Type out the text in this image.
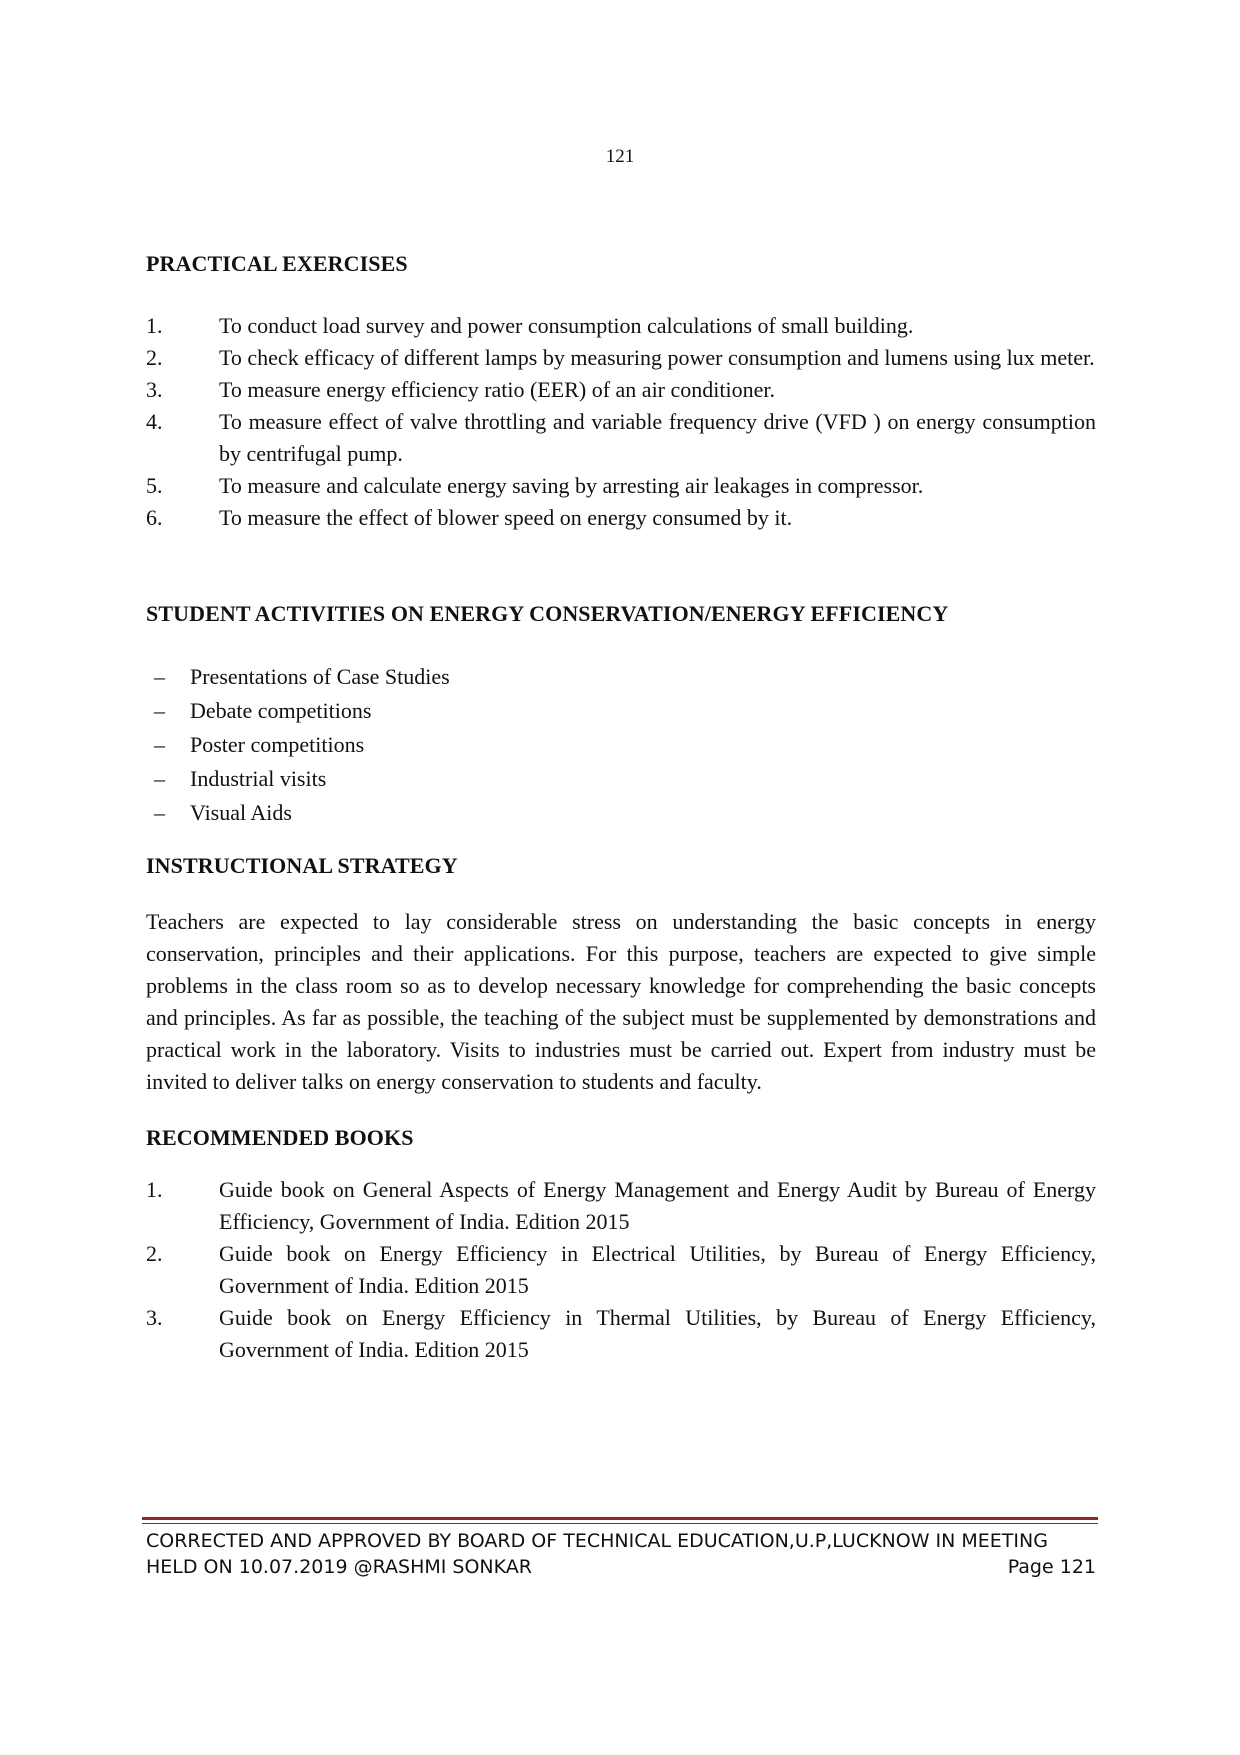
121
PRACTICAL EXERCISES
1.	To conduct load survey and power consumption calculations of small building.
2.	To check efficacy of different lamps by measuring power consumption and lumens using lux meter.
3.	To measure energy efficiency ratio (EER) of an air conditioner.
4.	To measure effect of valve throttling and variable frequency drive (VFD ) on energy consumption by centrifugal pump.
5.	To measure and calculate energy saving by arresting air leakages in compressor.
6.	To measure the effect of blower speed on energy consumed by it.
STUDENT ACTIVITIES ON ENERGY CONSERVATION/ENERGY EFFICIENCY
– Presentations of Case Studies
– Debate competitions
– Poster competitions
– Industrial visits
– Visual Aids
INSTRUCTIONAL STRATEGY

Teachers are expected to lay considerable stress on understanding the basic concepts in energy conservation, principles and their applications. For this purpose, teachers are expected to give simple problems in the class room so as to develop necessary knowledge for comprehending the basic concepts and principles. As far as possible, the teaching of the subject must be supplemented by demonstrations and practical work in the laboratory. Visits to industries must be carried out. Expert from industry must be invited to deliver talks on energy conservation to students and faculty.

RECOMMENDED BOOKS
1.	Guide book on General Aspects of Energy Management and Energy Audit by Bureau of Energy Efficiency, Government of India. Edition 2015
2.	Guide book on Energy Efficiency in Electrical Utilities, by Bureau of Energy Efficiency, Government of India. Edition 2015
3.	Guide book on Energy Efficiency in Thermal Utilities, by Bureau of Energy Efficiency, Government of India. Edition 2015
CORRECTED AND APPROVED BY BOARD OF TECHNICAL EDUCATION,U.P,LUCKNOW IN MEETING
HELD ON 10.07.2019 @RASHMI SONKAR	Page 121
